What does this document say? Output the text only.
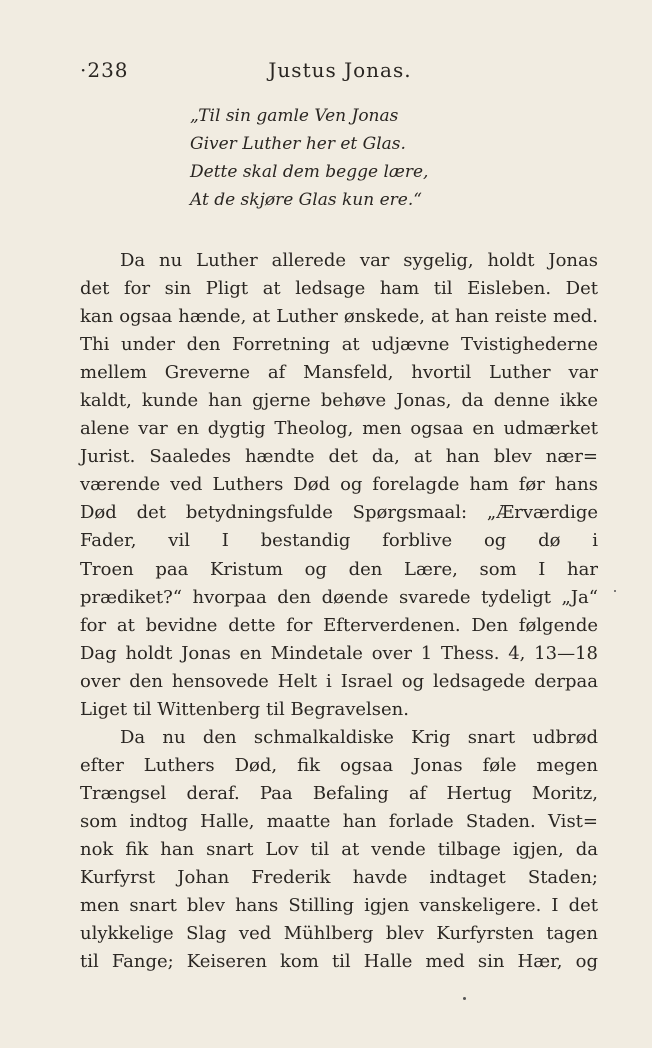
·238	Justus Jonas.
„Til sin gamle Ven Jonas
Giver Luther her et Glas.
Dette skal dem begge lære,
At de skjøre Glas kun ere.“
Da nu Luther allerede var sygelig, holdt Jonas
det for sin Pligt at ledsage ham til Eisleben. Det
kan ogsaa hænde, at Luther ønskede, at han reiste med.
Thi under den Forretning at udjævne Tvistighederne
mellem Greverne af Mansfeld, hvortil Luther var
kaldt, kunde han gjerne behøve Jonas, da denne ikke
alene var en dygtig Theolog, men ogsaa en udmærket
Jurist. Saaledes hændte det da, at han blev nær=
værende ved Luthers Død og forelagde ham før hans
Død det betydningsfulde Spørgsmaal: „Ærværdige
Fader, vil I bestandig forblive og dø i
Troen paa Kristum og den Lære, som I har
prædiket?“ hvorpaa den døende svarede tydeligt „Ja“
for at bevidne dette for Efterverdenen. Den følgende
Dag holdt Jonas en Mindetale over 1 Thess. 4, 13—18
over den hensovede Helt i Israel og ledsagede derpaa
Liget til Wittenberg til Begravelsen.
Da nu den schmalkaldiske Krig snart udbrød
efter Luthers Død, fik ogsaa Jonas føle megen
Trængsel deraf. Paa Befaling af Hertug Moritz,
som indtog Halle, maatte han forlade Staden. Vist=
nok fik han snart Lov til at vende tilbage igjen, da
Kurfyrst Johan Frederik havde indtaget Staden;
men snart blev hans Stilling igjen vanskeligere. I det
ulykkelige Slag ved Mühlberg blev Kurfyrsten tagen
til Fange; Keiseren kom til Halle med sin Hær, og
